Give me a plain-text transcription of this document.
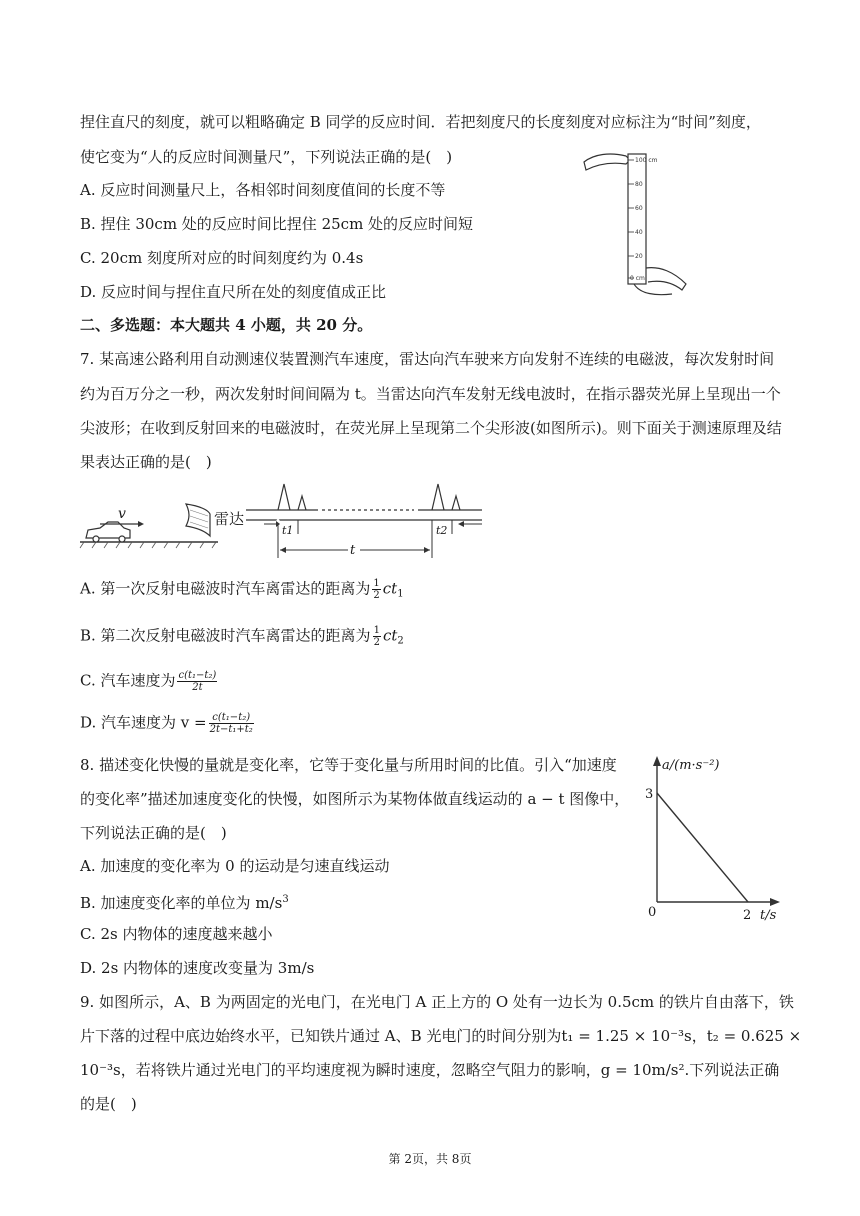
捏住直尺的刻度，就可以粗略确定 B 同学的反应时间．若把刻度尺的长度刻度对应标注为“时间”刻度，
使它变为“人的反应时间测量尺”，下列说法正确的是(　)
A. 反应时间测量尺上，各相邻时间刻度值间的长度不等
B. 捏住 30cm 处的反应时间比捏住 25cm 处的反应时间短
C. 20cm 刻度所对应的时间刻度约为 0.4s
D. 反应时间与捏住直尺所在处的刻度值成正比
100 cm
80
60
40
20
0 cm
二、多选题：本大题共 4 小题，共 20 分。
7. 某高速公路利用自动测速仪装置测汽车速度，雷达向汽车驶来方向发射不连续的电磁波，每次发射时间
约为百万分之一秒，两次发射时间间隔为 t。当雷达向汽车发射无线电波时，在指示器荧光屏上呈现出一个
尖波形；在收到反射回来的电磁波时，在荧光屏上呈现第二个尖形波(如图所示)。则下面关于测速原理及结
果表达正确的是(　)
v	雷达
t1
t
t2
A. 第一次反射电磁波时汽车离雷达的距离为 $\frac{1}{2} ct_1$
B. 第二次反射电磁波时汽车离雷达的距离为 $\frac{1}{2} ct_2$
C. 汽车速度为 $\frac{\text{c(t₁−t₂)}}{2t}$
D. 汽车速度为 $v = \frac{\text{c(t₁−t₂)}}{\text{2t−t₁+t₂}}$
8. 描述变化快慢的量就是变化率，它等于变化量与所用时间的比值。引入“加速度
的变化率”描述加速度变化的快慢，如图所示为某物体做直线运动的 a − t 图像中，
下列说法正确的是(　)
A. 加速度的变化率为 0 的运动是匀速直线运动
B. 加速度变化率的单位为 $m/s^3$
C. 2s 内物体的速度越来越小
D. 2s 内物体的速度改变量为 3m/s
a/(m·s⁻²)
t/s
3
2
0
9. 如图所示，A、B 为两固定的光电门，在光电门 A 正上方的 O 处有一边长为 0.5cm 的铁片自由落下，铁
片下落的过程中底边始终水平，已知铁片通过 A、B 光电门的时间分别为t₁ = 1.25 × 10⁻³s，t₂ = 0.625 ×
10⁻³s，若将铁片通过光电门的平均速度视为瞬时速度，忽略空气阻力的影响，g = 10m/s².下列说法正确
的是(　)
第 2页，共 8页
